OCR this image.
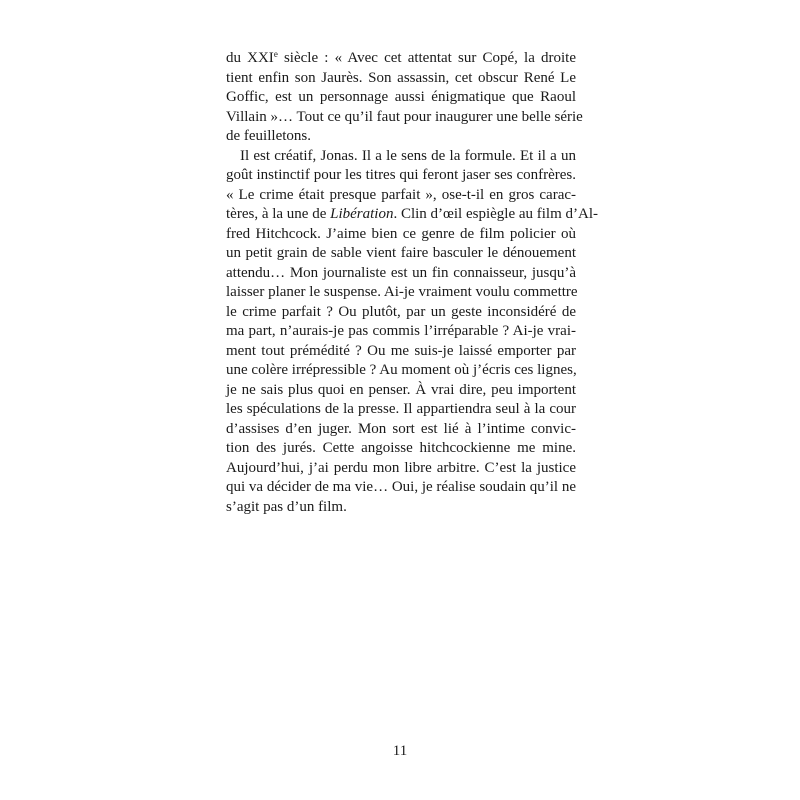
du XXIe siècle : « Avec cet attentat sur Copé, la droite
tient enfin son Jaurès. Son assassin, cet obscur René Le
Goffic, est un personnage aussi énigmatique que Raoul
Villain »… Tout ce qu’il faut pour inaugurer une belle série
de feuilletons.
Il est créatif, Jonas. Il a le sens de la formule. Et il a un
goût instinctif pour les titres qui feront jaser ses confrères.
« Le crime était presque parfait », ose-t-il en gros carac-
tères, à la une de Libération. Clin d’œil espiègle au film d’Al-
fred Hitchcock. J’aime bien ce genre de film policier où
un petit grain de sable vient faire basculer le dénouement
attendu… Mon journaliste est un fin connaisseur, jusqu’à
laisser planer le suspense. Ai-je vraiment voulu commettre
le crime parfait ? Ou plutôt, par un geste inconsidéré de
ma part, n’aurais-je pas commis l’irréparable ? Ai-je vrai-
ment tout prémédité ? Ou me suis-je laissé emporter par
une colère irrépressible ? Au moment où j’écris ces lignes,
je ne sais plus quoi en penser. À vrai dire, peu importent
les spéculations de la presse. Il appartiendra seul à la cour
d’assises d’en juger. Mon sort est lié à l’intime convic-
tion des jurés. Cette angoisse hitchcockienne me mine.
Aujourd’hui, j’ai perdu mon libre arbitre. C’est la justice
qui va décider de ma vie… Oui, je réalise soudain qu’il ne
s’agit pas d’un film.
11
